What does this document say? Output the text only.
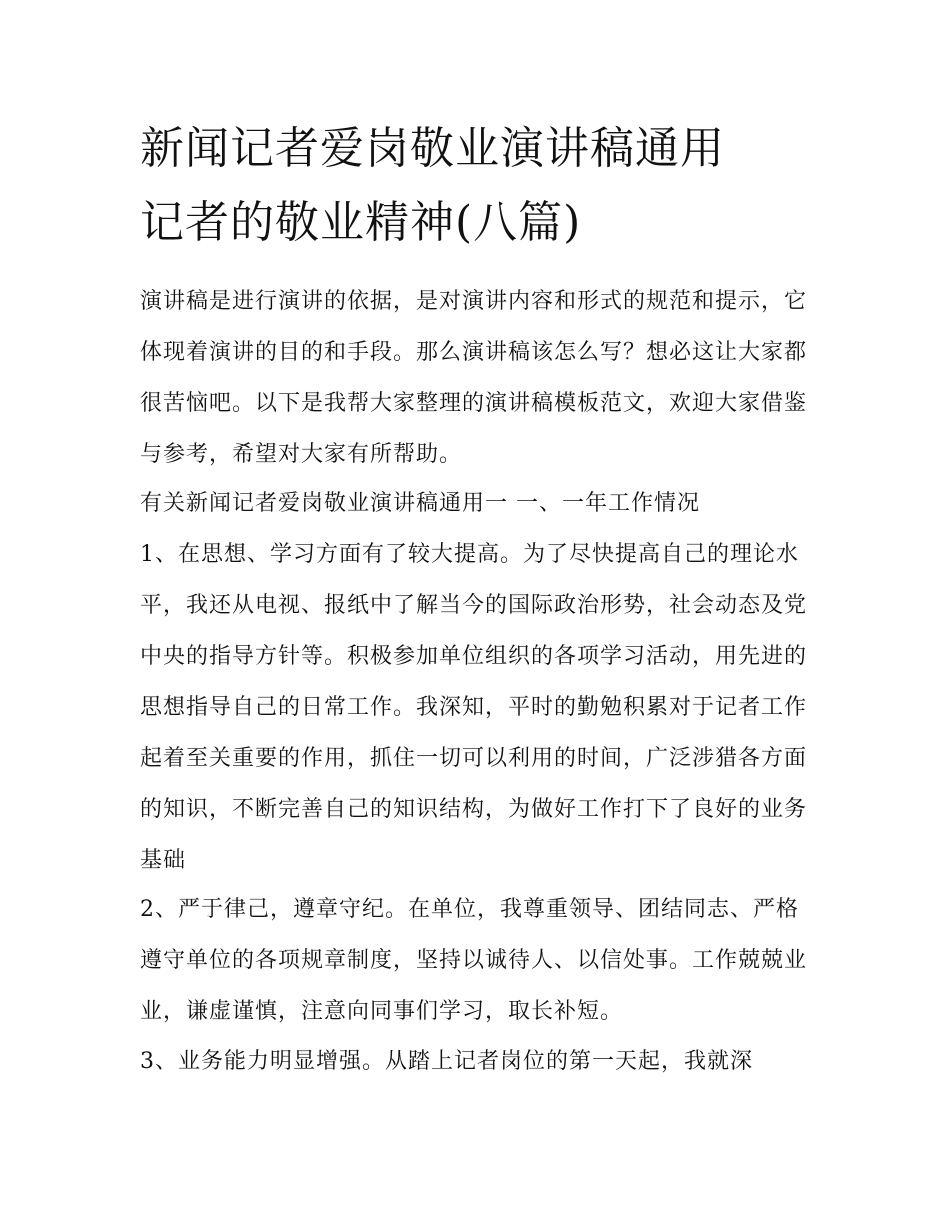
新闻记者爱岗敬业演讲稿通用
记者的敬业精神(八篇)

演讲稿是进行演讲的依据，是对演讲内容和形式的规范和提示，它体现着演讲的目的和手段。那么演讲稿该怎么写？想必这让大家都很苦恼吧。以下是我帮大家整理的演讲稿模板范文，欢迎大家借鉴与参考，希望对大家有所帮助。

有关新闻记者爱岗敬业演讲稿通用一 一、一年工作情况

1、在思想、学习方面有了较大提高。为了尽快提高自己的理论水平，我还从电视、报纸中了解当今的国际政治形势，社会动态及党中央的指导方针等。积极参加单位组织的各项学习活动，用先进的思想指导自己的日常工作。我深知，平时的勤勉积累对于记者工作起着至关重要的作用，抓住一切可以利用的时间，广泛涉猎各方面的知识，不断完善自己的知识结构，为做好工作打下了良好的业务基础

2、严于律己，遵章守纪。在单位，我尊重领导、团结同志、严格遵守单位的各项规章制度，坚持以诚待人、以信处事。工作兢兢业业，谦虚谨慎，注意向同事们学习，取长补短。

3、业务能力明显增强。从踏上记者岗位的第一天起，我就深
